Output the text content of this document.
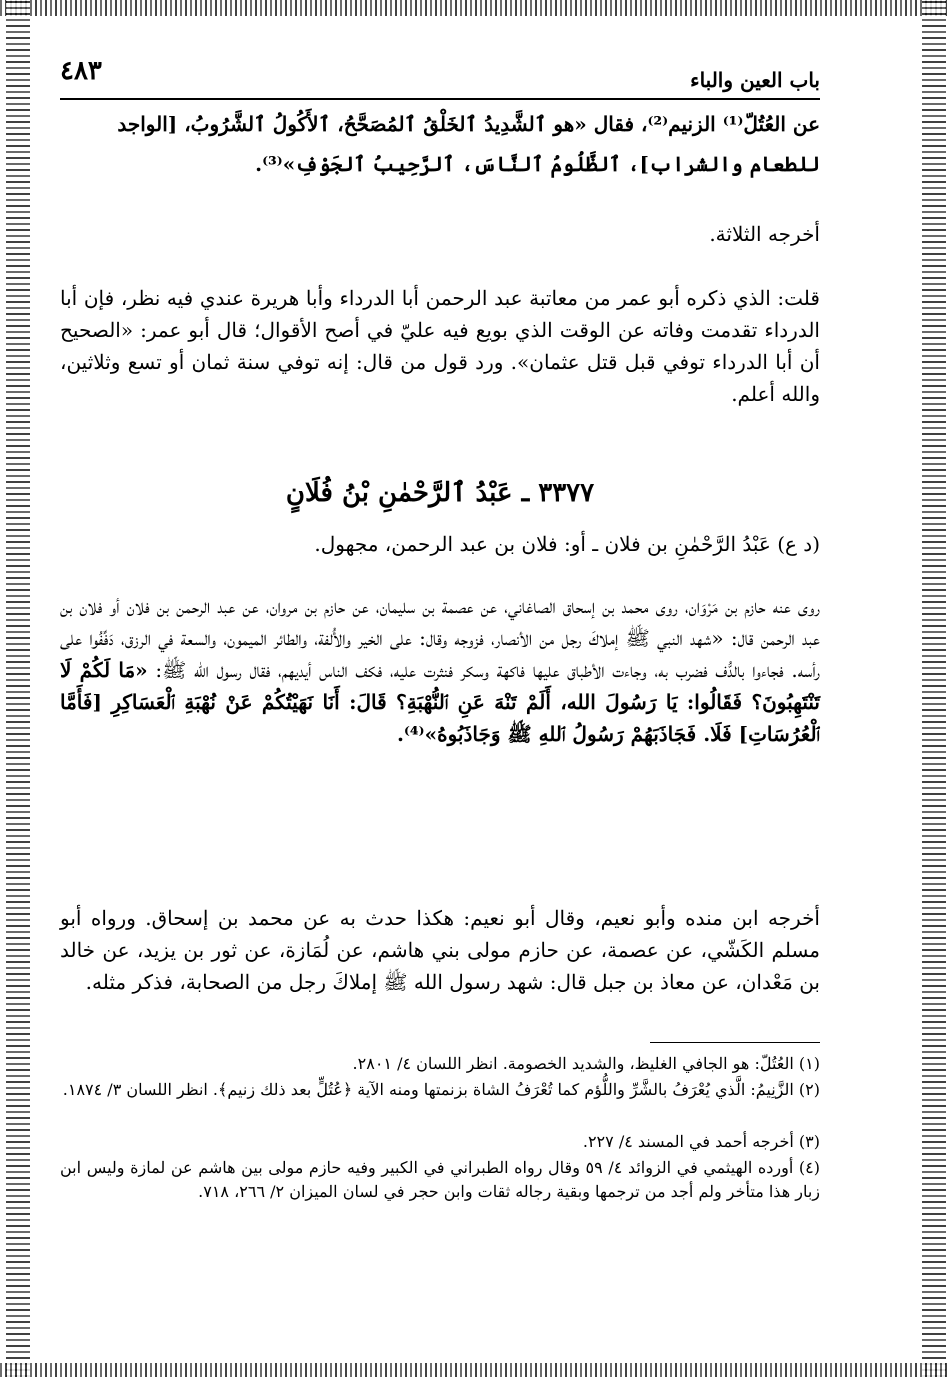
٤٨٣	باب العين والباء
عن العُتُلّ⁽¹⁾ الزنيم⁽²⁾، فقال «هو ٱلشَّدِيدُ ٱلخَلْقُ ٱلمُصَحَّحُ، ٱلأَكُولُ ٱلشَّرُوبُ، [الواجد
للطعام والشراب]، ٱلظَّلُومُ ٱلنَّاسَ، ٱلرَّحِيبُ ٱلجَوْفِ»⁽³⁾.
أخرجه الثلاثة.
قلت: الذي ذكره أبو عمر من معاتبة عبد الرحمن أبا الدرداء وأبا هريرة عندي فيه نظر، فإن أبا الدرداء تقدمت وفاته عن الوقت الذي بويع فيه عليّ في أصح الأقوال؛ قال أبو عمر: «الصحيح أن أبا الدرداء توفي قبل قتل عثمان». ورد قول من قال: إنه توفي سنة ثمان أو تسع وثلاثين، والله أعلم.
٣٣٧٧ ـ عَبْدُ ٱلرَّحْمٰنِ بْنُ فُلَانٍ
(د ع) عَبْدُ الرَّحْمٰنِ بن فلان ـ أو: فلان بن عبد الرحمن، مجهول.
روى عنه حازم بن مَرْوَان، روى محمد بن إسحاق الصاغاني، عن عصمة بن سليمان، عن حازم بن مروان، عن عبد الرحمن بن فلان أو فلان بن عبد الرحمن قال: «شهد النبي ﷺ إملاكَ رجل من الأنصار، فزوجه وقال: على الخير والأُلفة، والطائر الميمون، والسعة في الرزق، دَفِّفُوا على رأسه. فجاءوا بالدُّف فضرب به، وجاءت الأطباق عليها فاكهة وسكر فنثرت عليه، فكف الناس أيديهم، فقال رسول الله ﷺ: «مَا لَكُمْ لَا تَنْتَهِبُونَ؟ فَقَالُوا: يَا رَسُولَ الله، أَلَمْ تَنْهَ عَنِ ٱلنُّهْبَةِ؟ قَالَ: أَنَا نَهَيْتُكُمْ عَنْ نُهْبَةِ ٱلْعَسَاكِرِ [فَأَمَّا ٱلْعُرُسَاتِ] فَلَا. فَجَاذَبَهُمْ رَسُولُ ٱللهِ ﷺ وَجَاذَبُوهُ»⁽⁴⁾.
أخرجه ابن منده وأبو نعيم، وقال أبو نعيم: هكذا حدث به عن محمد بن إسحاق. ورواه أبو مسلم الكَشّي، عن عصمة، عن حازم مولى بني هاشم، عن لُمَازة، عن ثور بن يزيد، عن خالد بن مَعْدان، عن معاذ بن جبل قال: شهد رسول الله ﷺ إملاكَ رجل من الصحابة، فذكر مثله.
(١) العُتُلّ: هو الجافي الغليظ، والشديد الخصومة. انظر اللسان ٤/ ٢٨٠١.
(٢) الزَّنِيمُ: الَّذي يُعْرَفُ بالشَّرِّ واللُّؤم كما تُعْرَفُ الشاة بزنمتها ومنه الآية ﴿عُتُلٍّ بعد ذلك زنيم﴾. انظر اللسان ٣/ ١٨٧٤.
(٣) أخرجه أحمد في المسند ٤/ ٢٢٧.
(٤) أورده الهيثمي في الزوائد ٤/ ٥٩ وقال رواه الطبراني في الكبير وفيه حازم مولى بين هاشم عن لمازة وليس ابن زبار هذا متأخر ولم أجد من ترجمها وبقية رجاله ثقات وابن حجر في لسان الميزان ٢/ ٢٦٦، ٧١٨.
